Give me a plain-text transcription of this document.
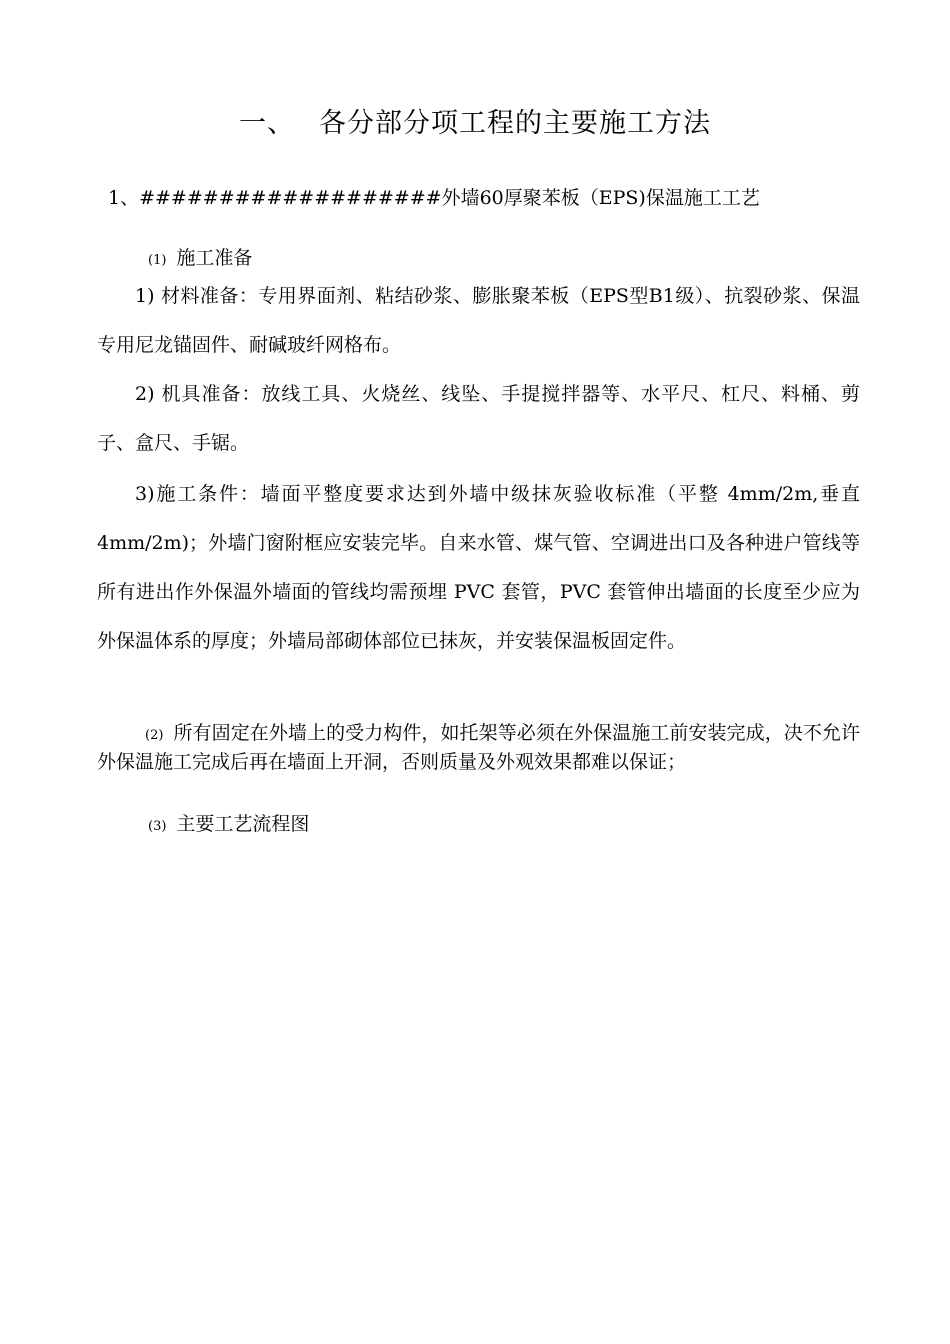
一、 各分部分项工程的主要施工方法
1、###################外墙60厚聚苯板（EPS)保温施工工艺
(1) 施工准备
1) 材料准备：专用界面剂、粘结砂浆、膨胀聚苯板（EPS型B1级）、抗裂砂浆、保温专用尼龙锚固件、耐碱玻纤网格布。
2) 机具准备：放线工具、火烧丝、线坠、手提搅拌器等、水平尺、杠尺、料桶、剪子、盒尺、手锯。
3)施工条件：墙面平整度要求达到外墙中级抹灰验收标准（平整 4mm/2m,垂直 4mm/2m)；外墙门窗附框应安装完毕。自来水管、煤气管、空调进出口及各种进户管线等所有进出作外保温外墙面的管线均需预埋 PVC 套管，PVC 套管伸出墙面的长度至少应为外保温体系的厚度；外墙局部砌体部位已抹灰，并安装保温板固定件。
(2) 所有固定在外墙上的受力构件，如托架等必须在外保温施工前安装完成，决不允许外保温施工完成后再在墙面上开洞，否则质量及外观效果都难以保证；
(3) 主要工艺流程图
